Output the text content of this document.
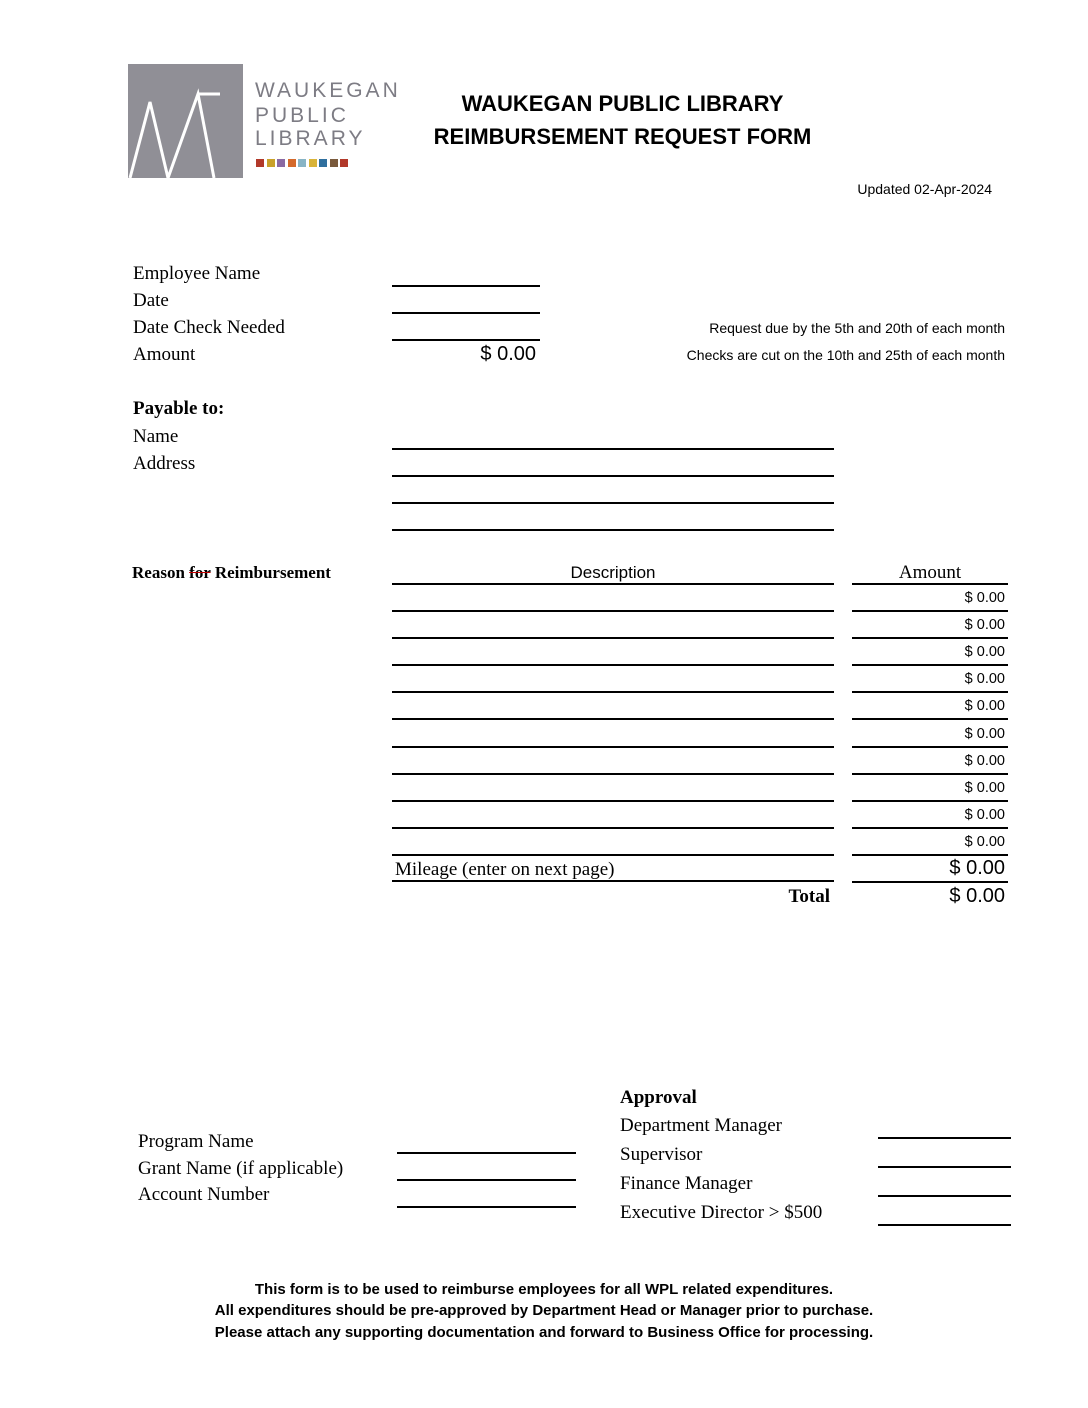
WAUKEGAN
PUBLIC
LIBRARY
WAUKEGAN PUBLIC LIBRARY
REIMBURSEMENT REQUEST FORM
Updated 02-Apr-2024
Employee Name
Date
Date Check Needed
Amount	$ 0.00
Request due by the 5th and 20th of each month
Checks are cut on the 10th and 25th of each month
Payable to:
Name
Address
Reason for Reimbursement	Description	Amount
$ 0.00
$ 0.00
$ 0.00
$ 0.00
$ 0.00
$ 0.00
$ 0.00
$ 0.00
$ 0.00
$ 0.00
Mileage (enter on next page)	$ 0.00
Total	$ 0.00
Program Name
Grant Name (if applicable)
Account Number
Approval
Department Manager
Supervisor
Finance Manager
Executive Director > $500
This form is to be used to reimburse employees for all WPL related expenditures.
All expenditures should be pre-approved by Department Head or Manager prior to purchase.
Please attach any supporting documentation and forward to Business Office for processing.
